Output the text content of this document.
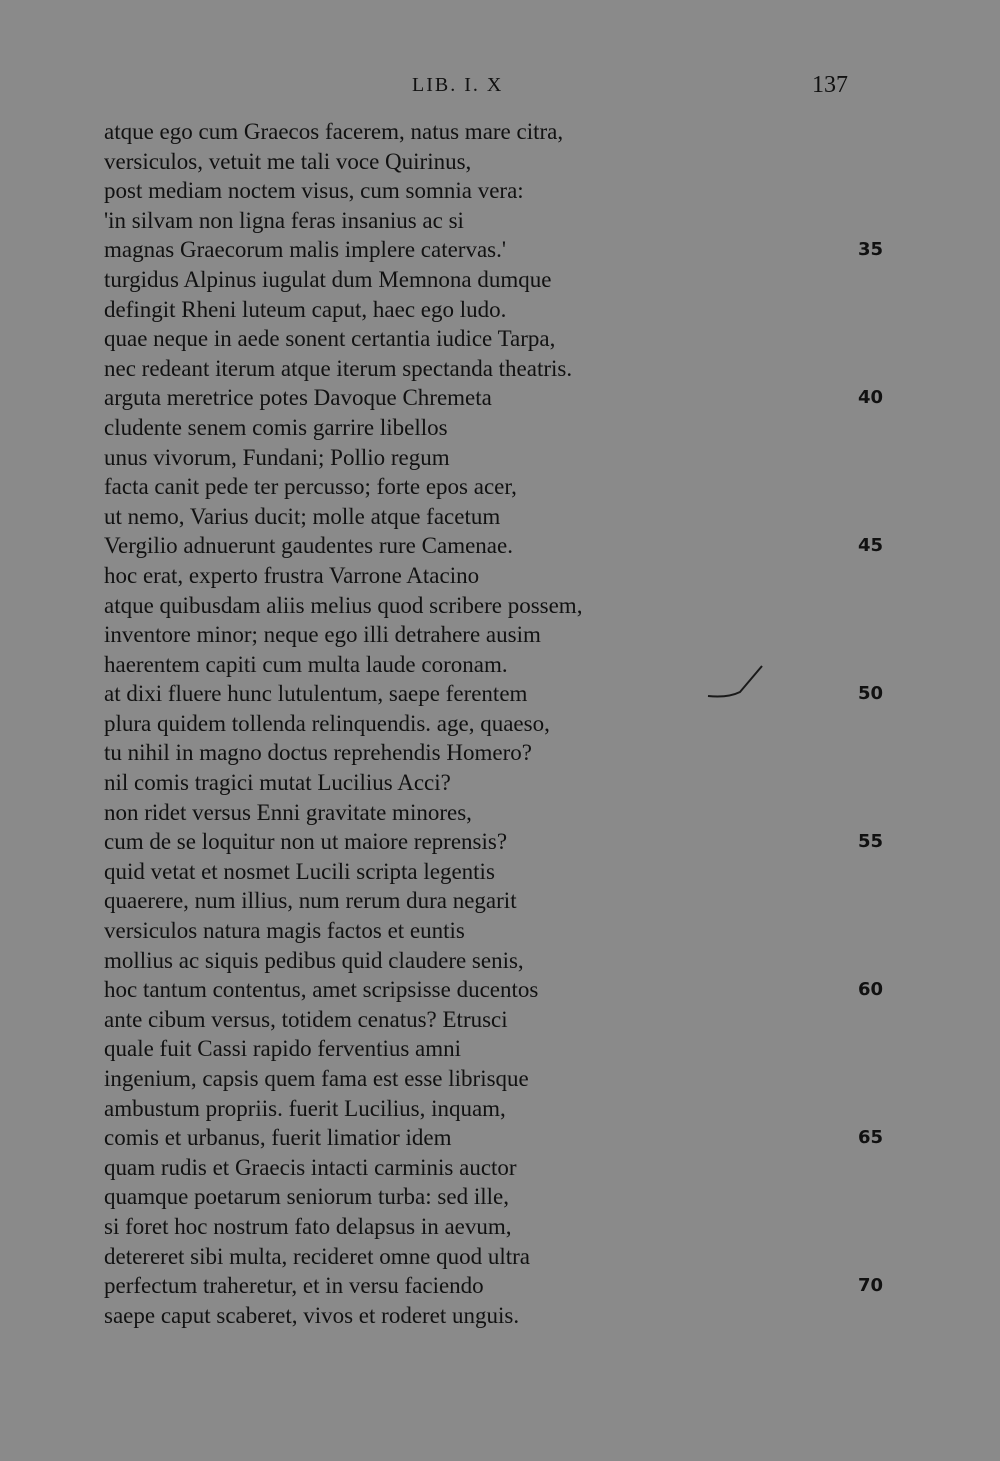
LIB. I. X	137
atque ego cum Graecos facerem, natus mare citra,
versiculos, vetuit me tali voce Quirinus,
post mediam noctem visus, cum somnia vera:
'in silvam non ligna feras insanius ac si
magnas Graecorum malis implere catervas.'
turgidus Alpinus iugulat dum Memnona dumque
defingit Rheni luteum caput, haec ego ludo.
quae neque in aede sonent certantia iudice Tarpa,
nec redeant iterum atque iterum spectanda theatris.
arguta meretrice potes Davoque Chremeta
cludente senem comis garrire libellos
unus vivorum, Fundani; Pollio regum
facta canit pede ter percusso; forte epos acer,
ut nemo, Varius ducit; molle atque facetum
Vergilio adnuerunt gaudentes rure Camenae.
hoc erat, experto frustra Varrone Atacino
atque quibusdam aliis melius quod scribere possem,
inventore minor; neque ego illi detrahere ausim
haerentem capiti cum multa laude coronam.
at dixi fluere hunc lutulentum, saepe ferentem
plura quidem tollenda relinquendis. age, quaeso,
tu nihil in magno doctus reprehendis Homero?
nil comis tragici mutat Lucilius Acci?
non ridet versus Enni gravitate minores,
cum de se loquitur non ut maiore reprensis?
quid vetat et nosmet Lucili scripta legentis
quaerere, num illius, num rerum dura negarit
versiculos natura magis factos et euntis
mollius ac siquis pedibus quid claudere senis,
hoc tantum contentus, amet scripsisse ducentos
ante cibum versus, totidem cenatus? Etrusci
quale fuit Cassi rapido ferventius amni
ingenium, capsis quem fama est esse librisque
ambustum propriis. fuerit Lucilius, inquam,
comis et urbanus, fuerit limatior idem
quam rudis et Graecis intacti carminis auctor
quamque poetarum seniorum turba: sed ille,
si foret hoc nostrum fato delapsus in aevum,
detereret sibi multa, recideret omne quod ultra
perfectum traheretur, et in versu faciendo
saepe caput scaberet, vivos et roderet unguis.
35
40
45
50
55
60
65
70
